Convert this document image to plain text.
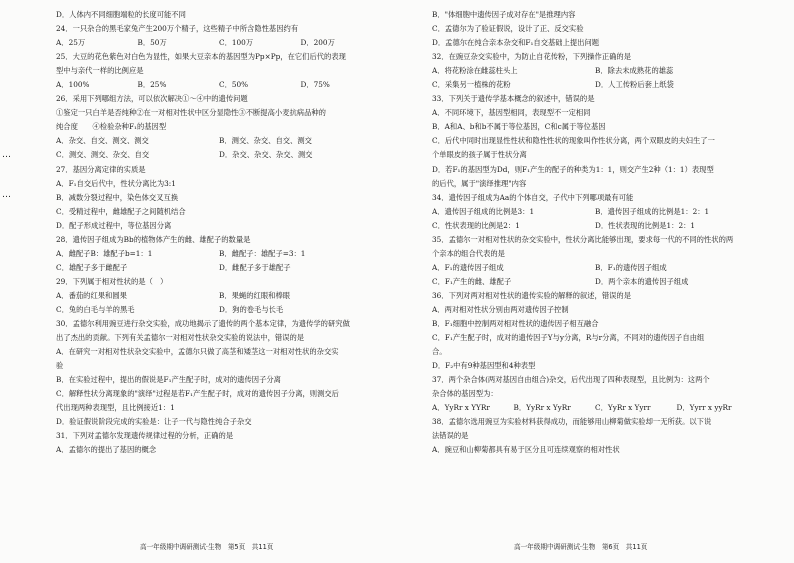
…
…
D．人体内不同细胞端粒的长度可能不同
24．一只杂合的黑毛家兔产生200万个精子，这些精子中所含隐性基因约有
A．25万	B．50万	C．100万	D．200万
25．大豆的花色紫色对白色为显性，如果大豆亲本的基因型为Pp×Pp，在它们后代的表现
型中与亲代一样的比例应是
A．100%	B．25%	C．50%	D．75%
26．采用下列哪组方法，可以依次解决①～④中的遗传问题
①鉴定一只白羊是否纯种②在一对相对性状中区分显隐性③不断提高小麦抗病品种的
纯合度　　④检验杂种F₁的基因型
A．杂交、自交、测交、测交	B．测交、杂交、自交、测交
C．测交、测交、杂交、自交	D．杂交、杂交、杂交、测交
27．基因分离定律的实质是
A．F₁自交后代中，性状分离比为3:1
B．减数分裂过程中，染色体交叉互换
C．受精过程中，雌雄配子之间随机结合
D．配子形成过程中，等位基因分离
28．遗传因子组成为Bb的植物体产生的雌、雄配子的数量是
A．雌配子B：雄配子b=1：1	B．雌配子：雄配子=3：1
C．雄配子多于雌配子	D．雌配子多于雄配子
29．下列属于相对性状的是（　）
A．番茄的红果和圆果	B．果蝇的红眼和棒眼
C．兔的白毛与羊的黑毛	D．狗的卷毛与长毛
30．孟德尔利用豌豆进行杂交实验，成功地揭示了遗传的两个基本定律，为遗传学的研究做
出了杰出的贡献。下列有关孟德尔一对相对性状杂交实验的说法中，错误的是
A．在研究一对相对性状杂交实验中，孟德尔只做了高茎和矮茎这一对相对性状的杂交实
验
B．在实验过程中，提出的假说是F₁产生配子时，成对的遗传因子分离
C．解释性状分离现象的"演绎"过程是若F₁产生配子时，成对的遗传因子分离，则测交后
代出现两种表现型，且比例接近1：1
D．验证假说阶段完成的实验是：让子一代与隐性纯合子杂交
31．下列对孟德尔发现遗传规律过程的分析，正确的是
A．孟德尔的提出了基因的概念
B．"体细胞中遗传因子成对存在"是推理内容
C．孟德尔为了验证假说，设计了正、反交实验
D．孟德尔在纯合亲本杂交和F₁自交基础上提出问题
32．在豌豆杂交实验中，为防止自花传粉，下列操作正确的是
A．将花粉涂在雌蕊柱头上	B．除去未成熟花的雄蕊
C．采集另一植株的花粉	D．人工传粉后套上纸袋
33．下列关于遗传学基本概念的叙述中，错误的是
A．不同环境下，基因型相同，表现型不一定相同
B．A和A、b和b不属于等位基因，C和c属于等位基因
C．后代中同时出现显性性状和隐性性状的现象叫作性状分离，两个双眼皮的夫妇生了一
个单眼皮的孩子属于性状分离
D．若F₁的基因型为Dd，则F₁产生的配子的种类为1：1，则交产生2种（1：1）表现型
的后代，属于"演绎推理"内容
34．遗传因子组成为Aa的个体自交，子代中下列哪项最有可能
A．遗传因子组成的比例是3：1	B．遗传因子组成的比例是1：2：1
C．性状表现的比例是2：1	D．性状表现的比例是1：2：1
35．孟德尔一对相对性状的杂交实验中，性状分离比能够出现，要求每一代的不同的性状的两
个亲本的组合代表的是
A．F₁的遗传因子组成	B．F₁的遗传因子组成
C．F₁产生的雌、雄配子	D．两个亲本的遗传因子组成
36．下列对两对相对性状的遗传实验的解释的叙述，错误的是
A．两对相对性状分别由两对遗传因子控制
B．F₁细胞中控制两对相对性状的遗传因子相互融合
C．F₁产生配子时，成对的遗传因子Y与y分离，R与r分离，不同对的遗传因子自由组
合。
D．F₂中有9种基因型和4种表型
37．两个杂合体(两对基因自由组合)杂交，后代出现了四种表现型，且比例为：这两个
杂合体的基因型为：
A．YyRr x YYRr	B．YyRr x YyRr	C．YyRr x Yyrr	D．Yyrr x yyRr
38．孟德尔选用豌豆为实验材料获得成功，而能够用山柳菊做实验却一无所获。以下说
法错误的是
A．豌豆和山柳菊都具有易于区分且可连续观察的相对性状
高一年级期中调研测试·生物　第5页　共11页	高一年级期中调研测试·生物　第6页　共11页
